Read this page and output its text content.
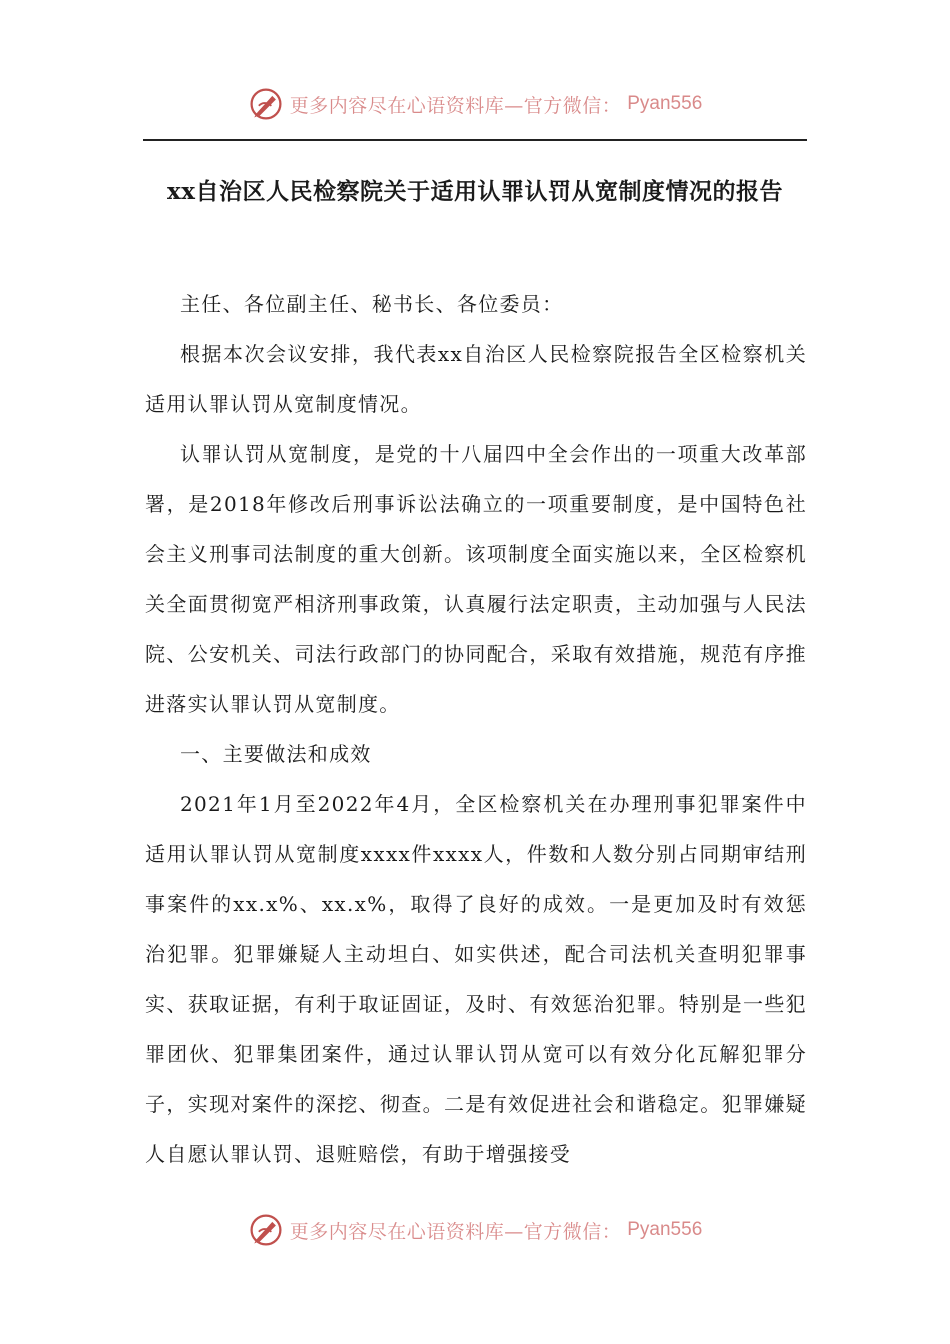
更多内容尽在心语资料库—官方微信： Pyan556
xx自治区人民检察院关于适用认罪认罚从宽制度情况的报告

主任、各位副主任、秘书长、各位委员：

根据本次会议安排，我代表xx自治区人民检察院报告全区检察机关适用认罪认罚从宽制度情况。

认罪认罚从宽制度，是党的十八届四中全会作出的一项重大改革部署，是2018年修改后刑事诉讼法确立的一项重要制度，是中国特色社会主义刑事司法制度的重大创新。该项制度全面实施以来，全区检察机关全面贯彻宽严相济刑事政策，认真履行法定职责，主动加强与人民法院、公安机关、司法行政部门的协同配合，采取有效措施，规范有序推进落实认罪认罚从宽制度。

一、主要做法和成效

2021年1月至2022年4月，全区检察机关在办理刑事犯罪案件中适用认罪认罚从宽制度xxxx件xxxx人，件数和人数分别占同期审结刑事案件的xx.x%、xx.x%，取得了良好的成效。一是更加及时有效惩治犯罪。犯罪嫌疑人主动坦白、如实供述，配合司法机关查明犯罪事实、获取证据，有利于取证固证，及时、有效惩治犯罪。特别是一些犯罪团伙、犯罪集团案件，通过认罪认罚从宽可以有效分化瓦解犯罪分子，实现对案件的深挖、彻查。二是有效促进社会和谐稳定。犯罪嫌疑人自愿认罪认罚、退赃赔偿，有助于增强接受

更多内容尽在心语资料库—官方微信： Pyan556
